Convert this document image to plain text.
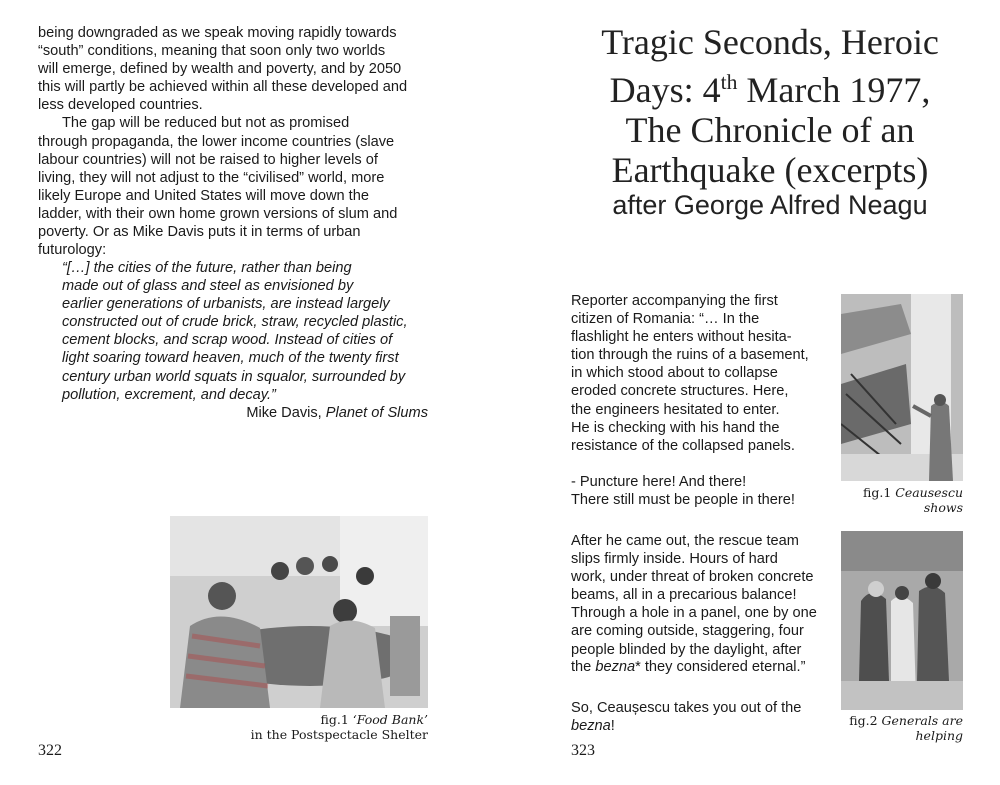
being downgraded as we speak moving rapidly towards
“south” conditions, meaning that soon only two worlds
will emerge, defined by wealth and poverty, and by 2050
this will partly be achieved within all these developed and
less developed countries.
The gap will be reduced but not as promised
through propaganda, the lower income countries (slave
labour countries) will not be raised to higher levels of
living, they will not adjust to the “civilised” world, more
likely Europe and United States will move down the
ladder, with their own home grown versions of slum and
poverty. Or as Mike Davis puts it in terms of urban
futurology:
“[…] the cities of the future, rather than being
made out of glass and steel as envisioned by
earlier generations of urbanists, are instead largely
constructed out of crude brick, straw, recycled plastic,
cement blocks, and scrap wood. Instead of cities of
light soaring toward heaven, much of the twenty first
century urban world squats in squalor, surrounded by
pollution, excrement, and decay.”
Mike Davis, Planet of Slums
fig.1 ‘Food Bank’
in the Postspectacle Shelter
322
Tragic Seconds, Heroic
Days: 4th March 1977,
The Chronicle of an
Earthquake (excerpts)
after George Alfred Neagu
Reporter accompanying the first
citizen of Romania: “… In the
flashlight he enters without hesita-
tion through the ruins of a basement,
in which stood about to collapse
eroded concrete structures. Here,
the engineers hesitated to enter.
He is checking with his hand the
resistance of the collapsed panels.
- Puncture here! And there!
There still must be people in there!
After he came out, the rescue team
slips firmly inside. Hours of hard
work, under threat of broken concrete
beams, all in a precarious balance!
Through a hole in a panel, one by one
are coming outside, staggering, four
people blinded by the daylight, after
the bezna* they considered eternal.”
So, Ceaușescu takes you out of the
bezna!
fig.1 Ceausescu
shows
fig.2 Generals are
helping
323
